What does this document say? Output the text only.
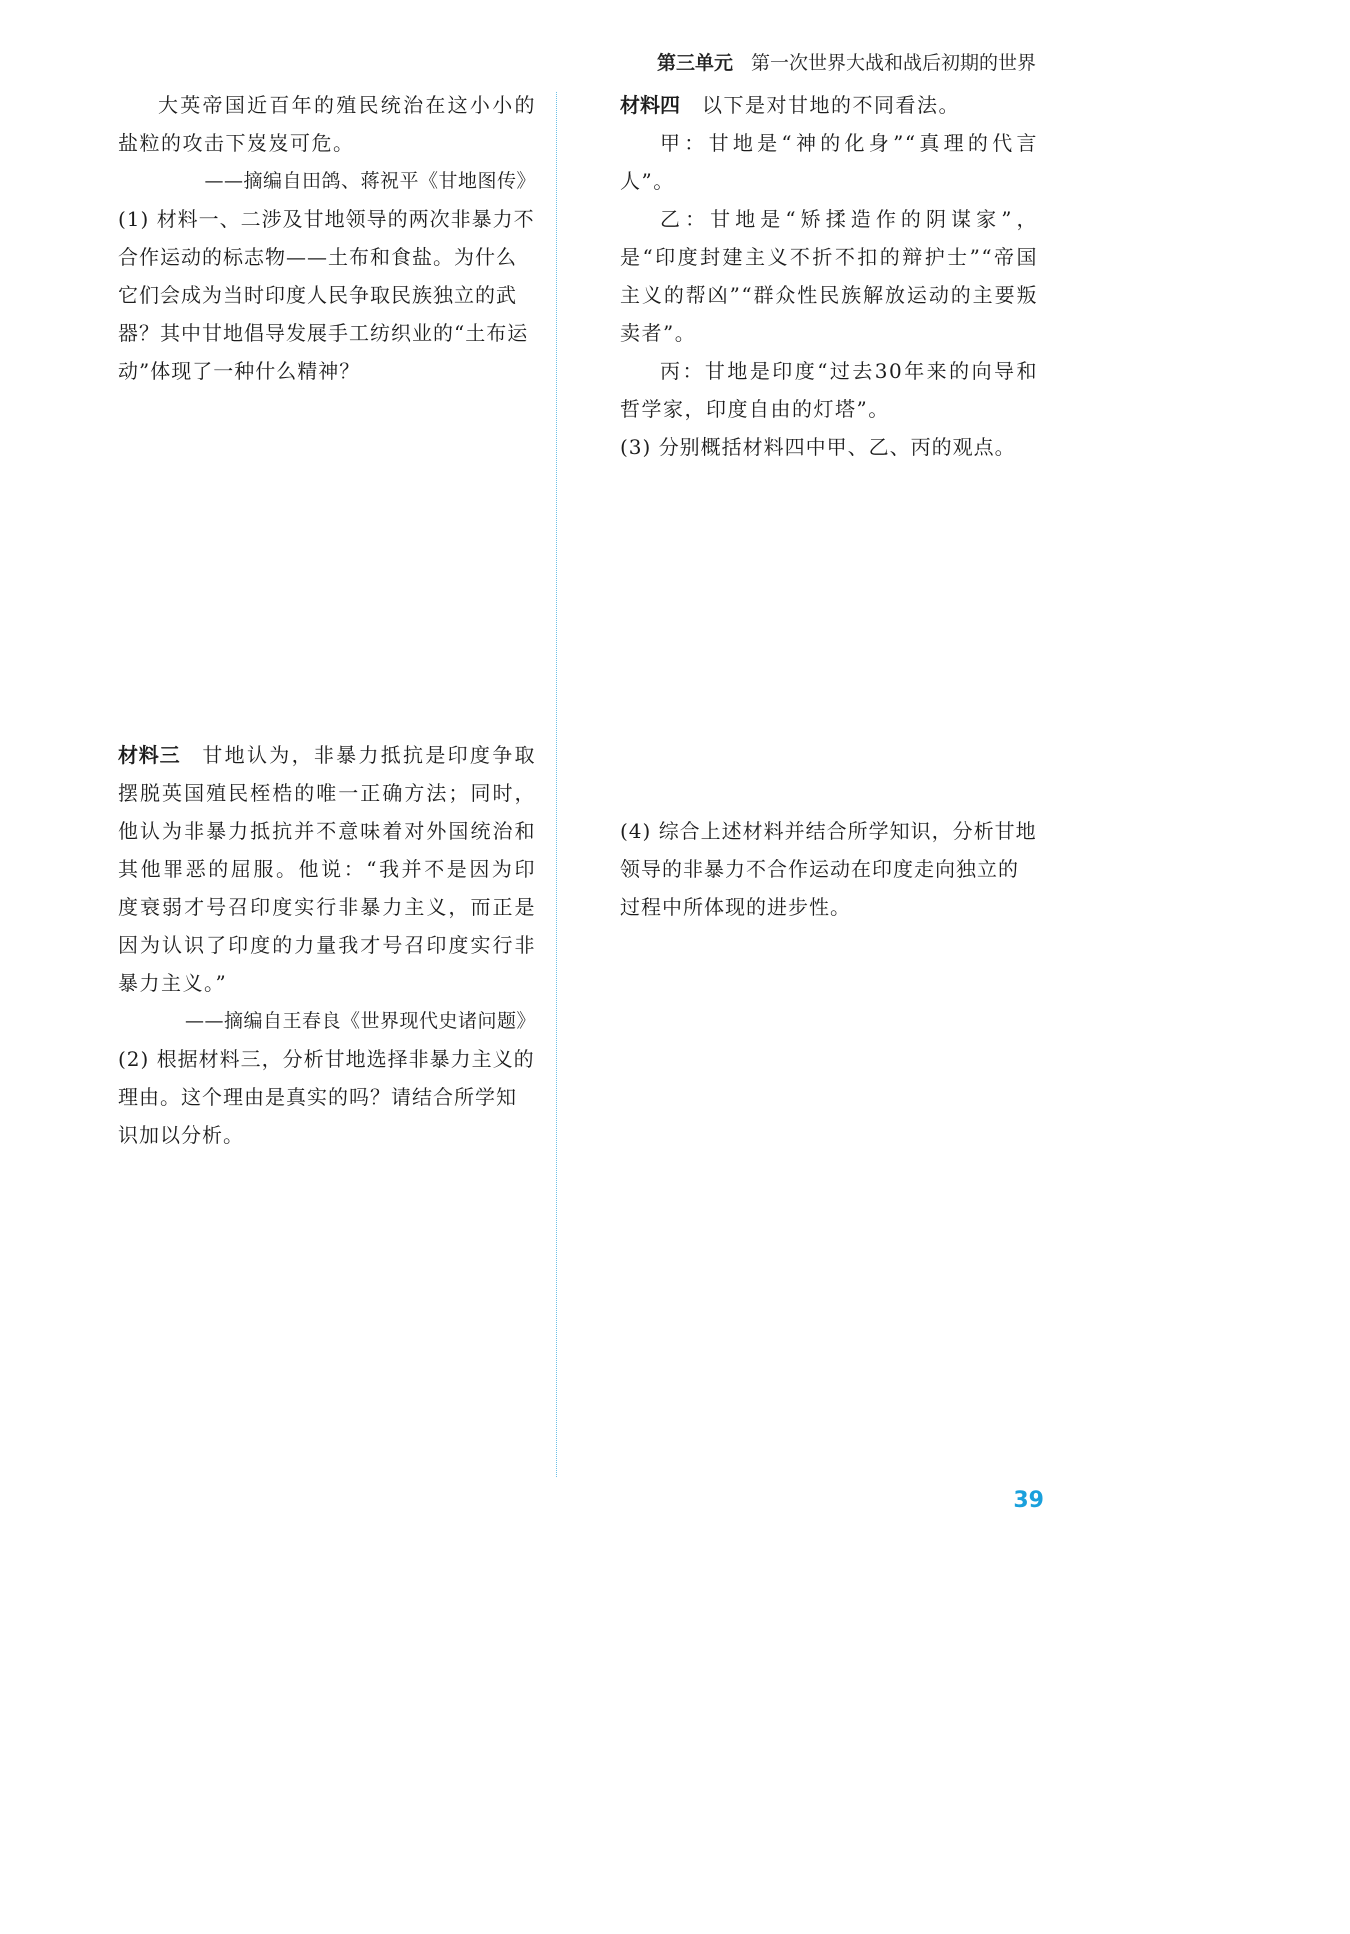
第三单元 第一次世界大战和战后初期的世界

大英帝国近百年的殖民统治在这小小的盐粒的攻击下岌岌可危。

——摘编自田鸽、蒋祝平《甘地图传》

(1) 材料一、二涉及甘地领导的两次非暴力不合作运动的标志物——土布和食盐。为什么它们会成为当时印度人民争取民族独立的武器？其中甘地倡导发展手工纺织业的“土布运动”体现了一种什么精神？

材料三 甘地认为，非暴力抵抗是印度争取摆脱英国殖民桎梏的唯一正确方法；同时，他认为非暴力抵抗并不意味着对外国统治和其他罪恶的屈服。他说：“我并不是因为印度衰弱才号召印度实行非暴力主义，而正是因为认识了印度的力量我才号召印度实行非暴力主义。”

——摘编自王春良《世界现代史诸问题》

(2) 根据材料三，分析甘地选择非暴力主义的理由。这个理由是真实的吗？请结合所学知识加以分析。

材料四 以下是对甘地的不同看法。

甲：甘地是“神的化身”“真理的代言人”。

乙：甘地是“矫揉造作的阴谋家”，是“印度封建主义不折不扣的辩护士”“帝国主义的帮凶”“群众性民族解放运动的主要叛卖者”。

丙：甘地是印度“过去30年来的向导和哲学家，印度自由的灯塔”。

(3) 分别概括材料四中甲、乙、丙的观点。

(4) 综合上述材料并结合所学知识，分析甘地领导的非暴力不合作运动在印度走向独立的过程中所体现的进步性。

39
